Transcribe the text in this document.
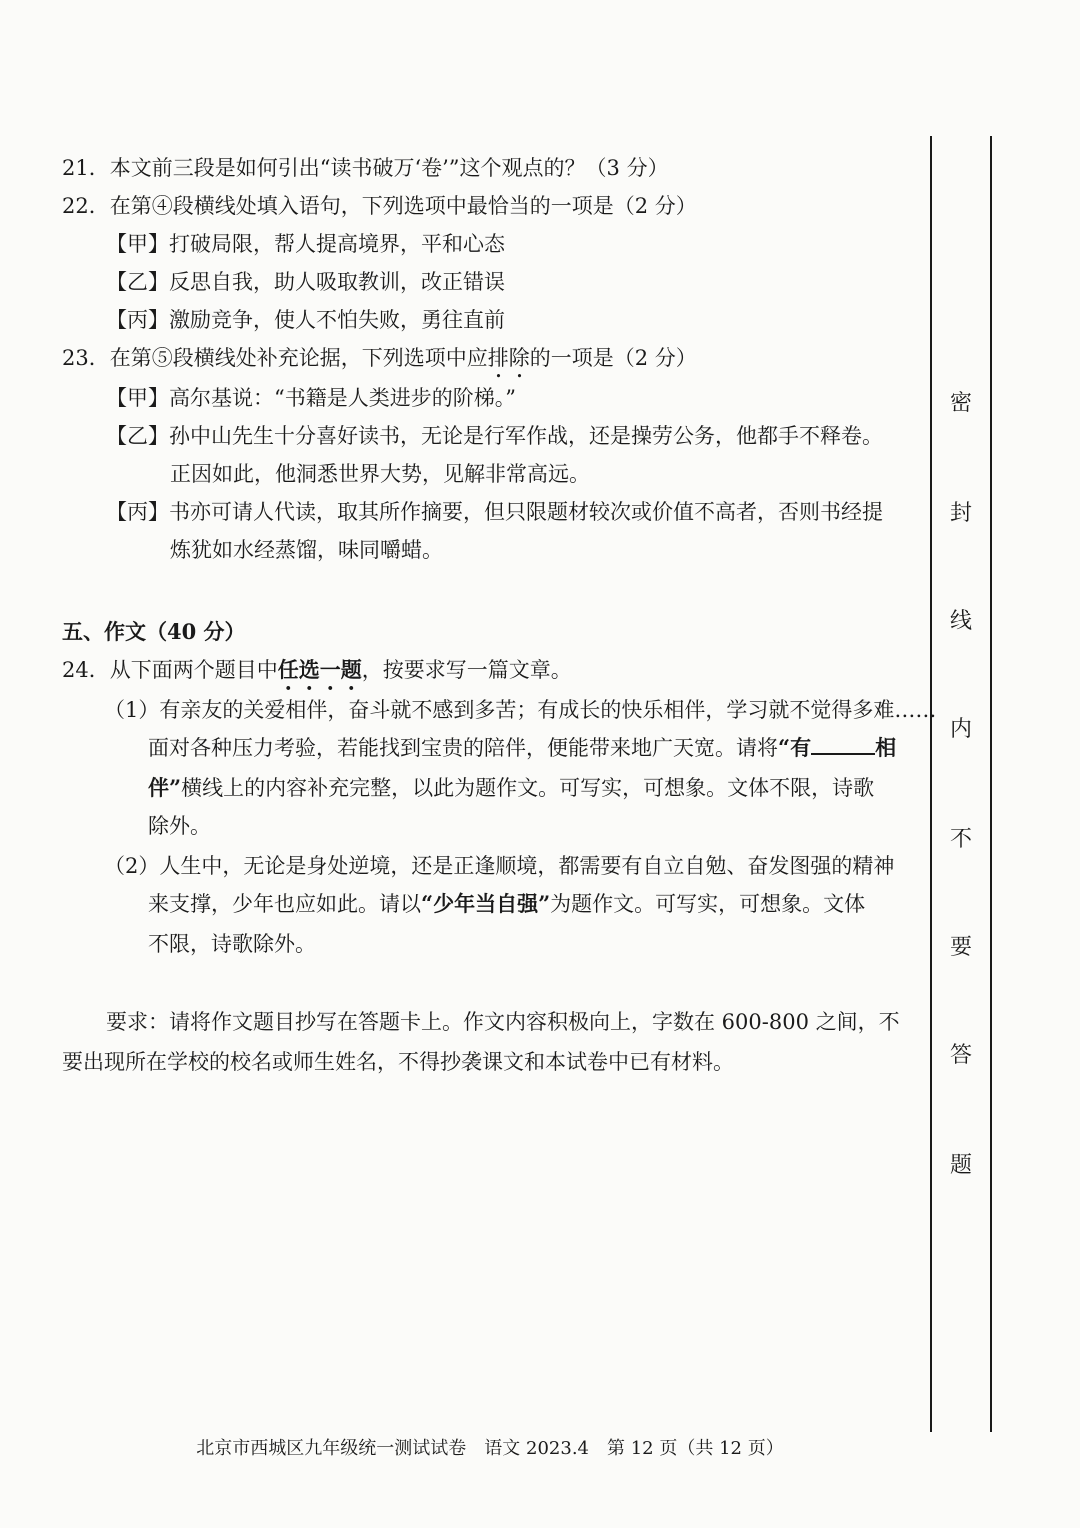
21．本文前三段是如何引出“读书破万‘卷’”这个观点的？（3 分）
22．在第④段横线处填入语句，下列选项中最恰当的一项是（2 分）
【甲】打破局限，帮人提高境界，平和心态
【乙】反思自我，助人吸取教训，改正错误
【丙】激励竞争，使人不怕失败，勇往直前
23．在第⑤段横线处补充论据，下列选项中应排除的一项是（2 分）
【甲】高尔基说：“书籍是人类进步的阶梯。”
【乙】孙中山先生十分喜好读书，无论是行军作战，还是操劳公务，他都手不释卷。
正因如此，他洞悉世界大势，见解非常高远。
【丙】书亦可请人代读，取其所作摘要，但只限题材较次或价值不高者，否则书经提
炼犹如水经蒸馏，味同嚼蜡。
五、作文（40 分）
24．从下面两个题目中任选一题，按要求写一篇文章。
（1）有亲友的关爱相伴，奋斗就不感到多苦；有成长的快乐相伴，学习就不觉得多难……
面对各种压力考验，若能找到宝贵的陪伴，便能带来地广天宽。请将“有	相
伴”横线上的内容补充完整，以此为题作文。可写实，可想象。文体不限，诗歌
除外。
（2）人生中，无论是身处逆境，还是正逢顺境，都需要有自立自勉、奋发图强的精神
来支撑，少年也应如此。请以“少年当自强”为题作文。可写实，可想象。文体
不限，诗歌除外。
要求：请将作文题目抄写在答题卡上。作文内容积极向上，字数在 600-800 之间，不
要出现所在学校的校名或师生姓名，不得抄袭课文和本试卷中已有材料。
密
封
线
内
不
要
答
题
北京市西城区九年级统一测试试卷　语文 2023.4　第 12 页（共 12 页）
